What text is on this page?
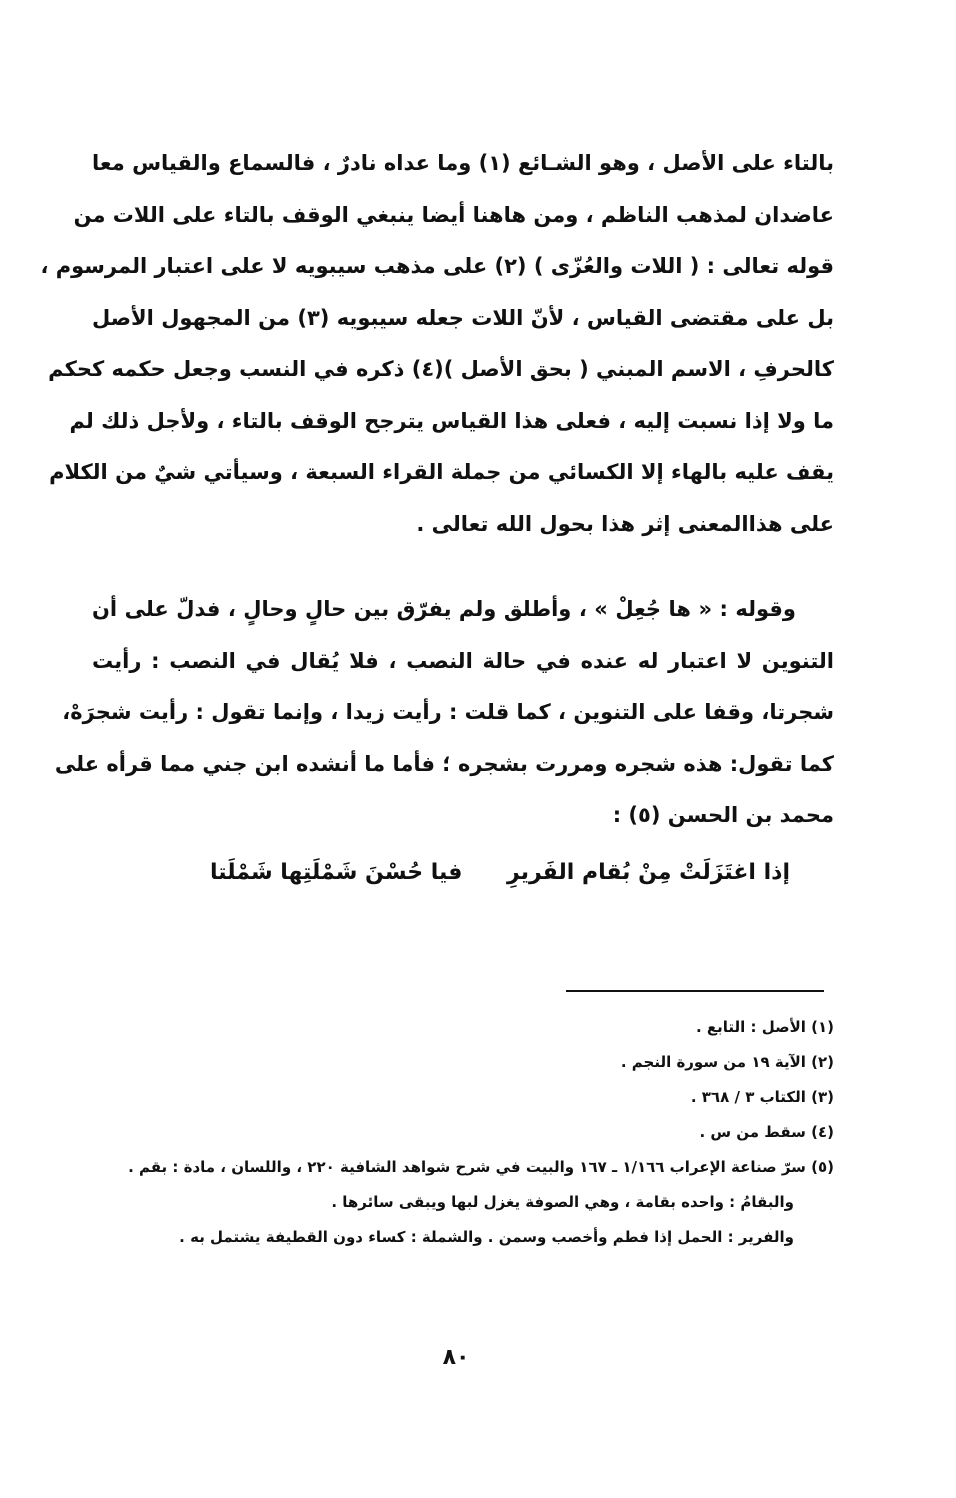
بالتاء على الأصل ، وهو الشـائع (١) وما عداه نادرٌ ، فالسماع والقياس معا
عاضدان لمذهب الناظم ، ومن هاهنا أيضا ينبغي الوقف بالتاء على اللات من
قوله تعالى : ( اللات والعُزّى ) (٢) على مذهب سيبويه لا على اعتبار المرسوم ،
بل على مقتضى القياس ، لأنّ اللات جعله سيبويه (٣) من المجهول الأصل
كالحرفِ ، الاسم المبني ( بحق الأصل )(٤) ذكره في النسب وجعل حكمه كحكم
ما ولا إذا نسبت إليه ، فعلى هذا القياس يترجح الوقف بالتاء ، ولأجل ذلك لم
يقف عليه بالهاء إلا الكسائي من جملة القراء السبعة ، وسيأتي شيٌ من الكلام
على هذاالمعنى إثر هذا بحول الله تعالى .
وقوله : « ها جُعِلْ » ، وأطلق ولم يفرّق بين حالٍ وحالٍ ، فدلّ على أن
التنوين لا اعتبار له عنده في حالة النصب ، فلا يُقال في النصب : رأيت
شجرتا، وقفا على التنوين ، كما قلت : رأيت زيدا ، وإنما تقول : رأيت شجرَهْ،
كما تقول: هذه شجره ومررت بشجره ؛ فأما ما أنشده ابن جني مما قرأه على
محمد بن الحسن (٥) :
إذا اغتَزَلَتْ مِنْ بُقام الفَريرِ
فيا حُسْنَ شَمْلَتِها شَمْلَتا
(١) الأصل : التابع .
(٢) الآية ١٩ من سورة النجم .
(٣) الكتاب ٣ / ٣٦٨ .
(٤) سقط من س .
(٥) سرّ صناعة الإعراب ١/١٦٦ ـ ١٦٧ والبيت في شرح شواهد الشافية ٢٢٠ ، واللسان ، مادة : بقم .
والبقامُ : واحده بقامة ، وهي الصوفة يغزل لبها ويبقى سائرها .
والفرير : الحمل إذا فطم وأخصب وسمن . والشملة : كساء دون القطيفة يشتمل به .
٨٠
